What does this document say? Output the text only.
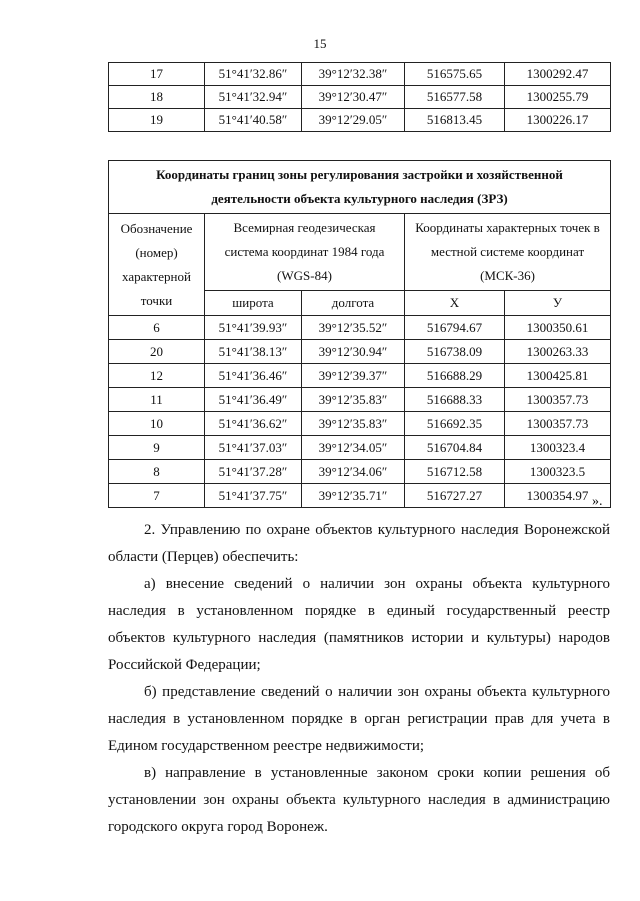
15
17	51°41′32.86″	39°12′32.38″	516575.65	1300292.47
18	51°41′32.94″	39°12′30.47″	516577.58	1300255.79
19	51°41′40.58″	39°12′29.05″	516813.45	1300226.17
Координаты границ зоны регулирования застройки и хозяйственной деятельности объекта культурного наследия (ЗРЗ)				
Обозначение (номер) характерной точки	Всемирная геодезическая система координат 1984 года (WGS-84)		Координаты характерных точек в местной системе координат (МСК-36)	
	широта	долгота	X	У
6	51°41′39.93″	39°12′35.52″	516794.67	1300350.61
20	51°41′38.13″	39°12′30.94″	516738.09	1300263.33
12	51°41′36.46″	39°12′39.37″	516688.29	1300425.81
11	51°41′36.49″	39°12′35.83″	516688.33	1300357.73
10	51°41′36.62″	39°12′35.83″	516692.35	1300357.73
9	51°41′37.03″	39°12′34.05″	516704.84	1300323.4
8	51°41′37.28″	39°12′34.06″	516712.58	1300323.5
7	51°41′37.75″	39°12′35.71″	516727.27	1300354.97 ».

2. Управлению по охране объектов культурного наследия Воронежской области (Перцев) обеспечить:

а) внесение сведений о наличии зон охраны объекта культурного наследия в установленном порядке в единый государственный реестр объектов культурного наследия (памятников истории и культуры) народов Российской Федерации;

б) представление сведений о наличии зон охраны объекта культурного наследия в установленном порядке в орган регистрации прав для учета в Едином государственном реестре недвижимости;

в) направление в установленные законом сроки копии решения об установлении зон охраны объекта культурного наследия в администрацию городского округа город Воронеж.
